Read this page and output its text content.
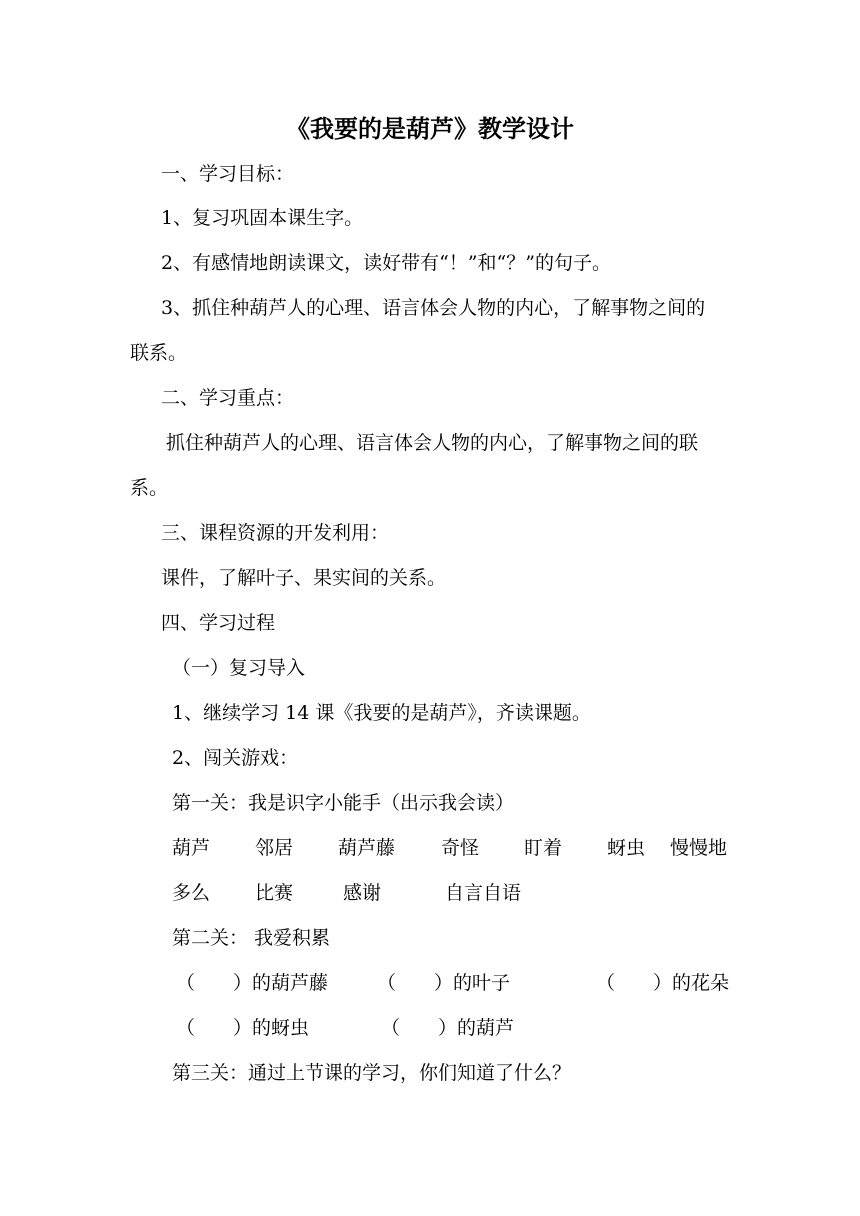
《我要的是葫芦》教学设计
一、学习目标：
1、复习巩固本课生字。
2、有感情地朗读课文，读好带有“！”和“？”的句子。
3、抓住种葫芦人的心理、语言体会人物的内心，了解事物之间的
联系。
二、学习重点：
抓住种葫芦人的心理、语言体会人物的内心，了解事物之间的联
系。
三、课程资源的开发利用：
课件，了解叶子、果实间的关系。
四、学习过程
（一）复习导入
1、继续学习 14 课《我要的是葫芦》，齐读课题。
2、闯关游戏：
第一关：我是识字小能手（出示我会读）
葫芦 邻居 葫芦藤 奇怪 盯着 蚜虫 慢慢地
多么 比赛	感谢	自言自语
第二关： 我爱积累
（　　）的葫芦藤	（　　）的叶子	（　　）的花朵
（　　）的蚜虫	（　　）的葫芦
第三关：通过上节课的学习，你们知道了什么？
